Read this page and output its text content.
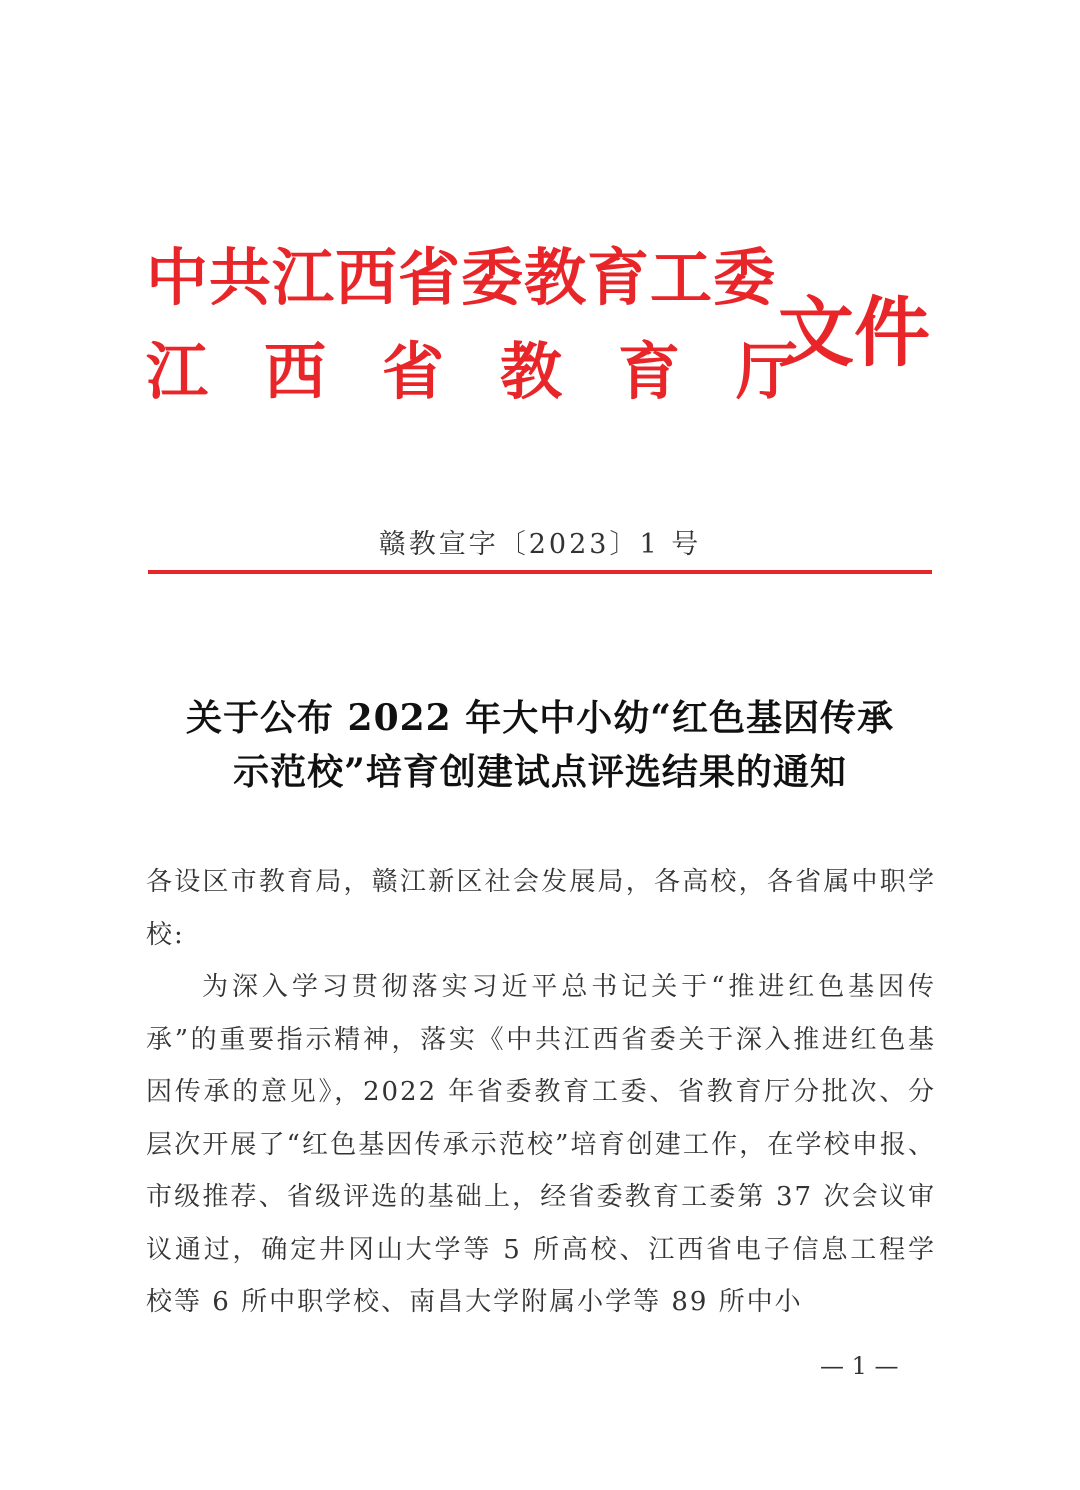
中共江西省委教育工委
江西省教育厅
文件
赣教宣字〔2023〕1 号
关于公布 2022 年大中小幼“红色基因传承
示范校”培育创建试点评选结果的通知

各设区市教育局，赣江新区社会发展局，各高校，各省属中职学校:

为深入学习贯彻落实习近平总书记关于“推进红色基因传承”的重要指示精神，落实《中共江西省委关于深入推进红色基因传承的意见》，2022 年省委教育工委、省教育厅分批次、分层次开展了“红色基因传承示范校”培育创建工作，在学校申报、市级推荐、省级评选的基础上，经省委教育工委第 37 次会议审议通过，确定井冈山大学等 5 所高校、江西省电子信息工程学校等 6 所中职学校、南昌大学附属小学等 89 所中小

— 1 —
